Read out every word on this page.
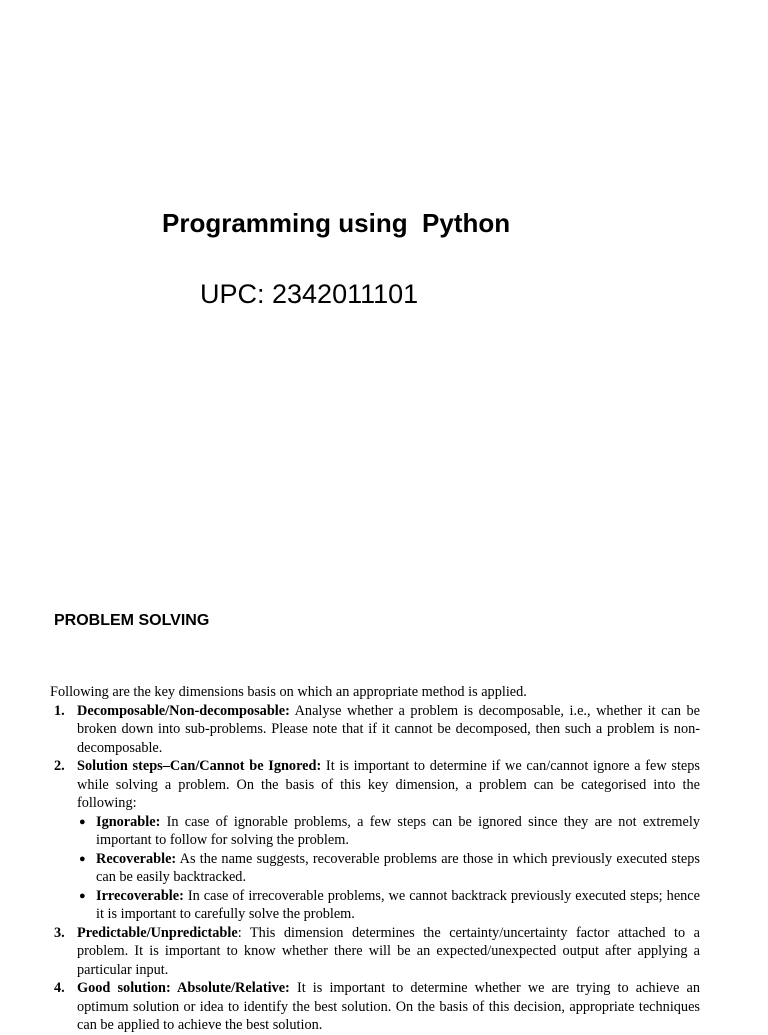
Programming using  Python
UPC: 2342011101
PROBLEM SOLVING

Following are the key dimensions basis on which an appropriate method is applied.

1. Decomposable/Non-decomposable: Analyse whether a problem is decomposable, i.e., whether it can be broken down into sub-problems. Please note that if it cannot be decomposed, then such a problem is non-decomposable.
2. Solution steps–Can/Cannot be Ignored: It is important to determine if we can/cannot ignore a few steps while solving a problem. On the basis of this key dimension, a problem can be categorised into the following:
● Ignorable: In case of ignorable problems, a few steps can be ignored since they are not extremely important to follow for solving the problem.
● Recoverable: As the name suggests, recoverable problems are those in which previously executed steps can be easily backtracked.
● Irrecoverable: In case of irrecoverable problems, we cannot backtrack previously executed steps; hence it is important to carefully solve the problem.
3. Predictable/Unpredictable: This dimension determines the certainty/uncertainty factor attached to a problem. It is important to know whether there will be an expected/unexpected output after applying a particular input.
4. Good solution: Absolute/Relative: It is important to determine whether we are trying to achieve an optimum solution or idea to identify the best solution. On the basis of this decision, appropriate techniques can be applied to achieve the best solution.
